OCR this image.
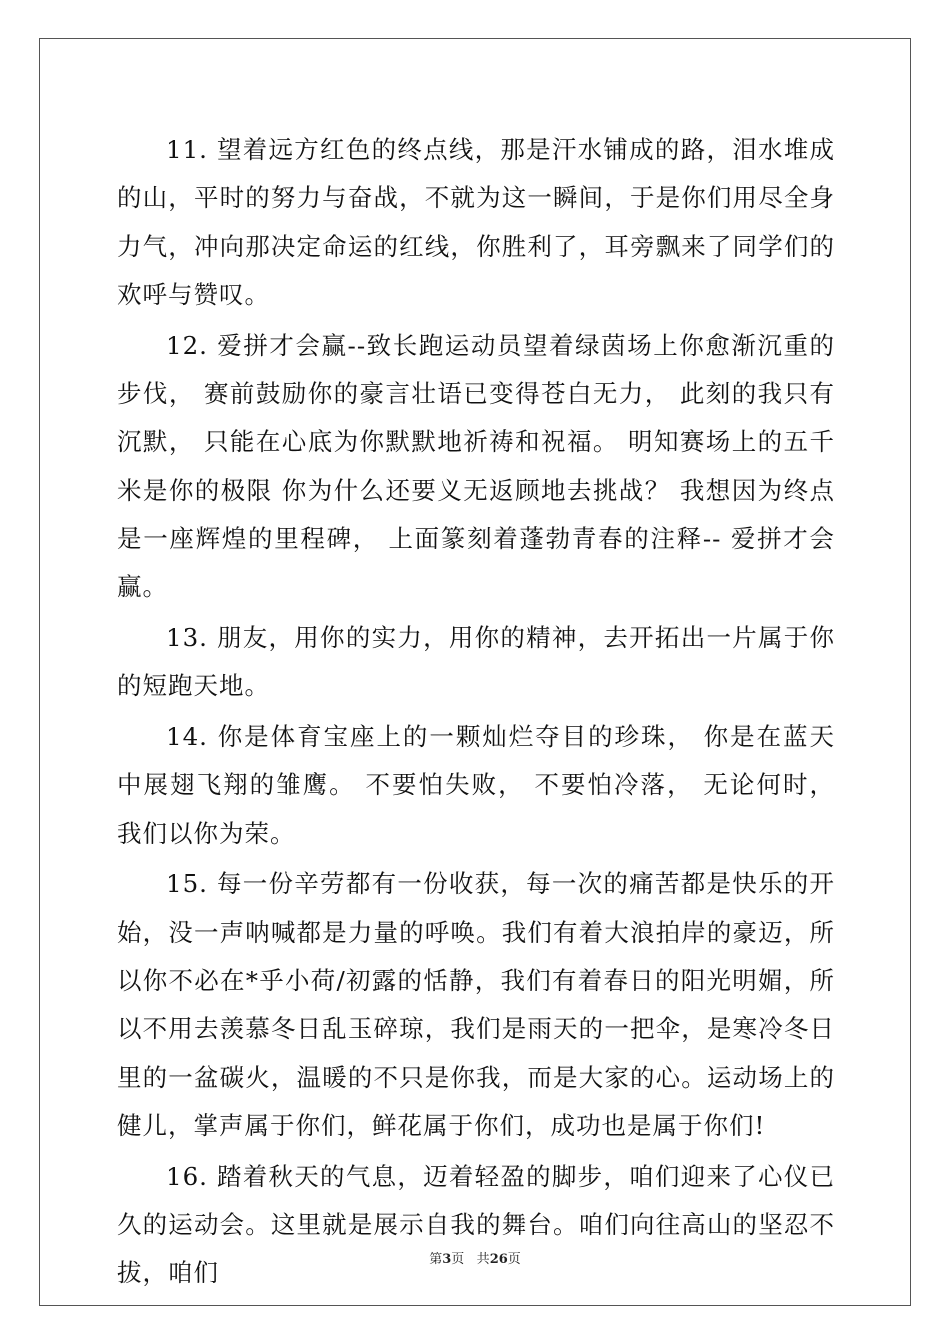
11. 望着远方红色的终点线，那是汗水铺成的路，泪水堆成的山，平时的努力与奋战，不就为这一瞬间，于是你们用尽全身力气，冲向那决定命运的红线，你胜利了，耳旁飘来了同学们的欢呼与赞叹。

12. 爱拼才会赢--致长跑运动员望着绿茵场上你愈渐沉重的步伐， 赛前鼓励你的豪言壮语已变得苍白无力， 此刻的我只有沉默， 只能在心底为你默默地祈祷和祝福。 明知赛场上的五千米是你的极限 你为什么还要义无返顾地去挑战？ 我想因为终点是一座辉煌的里程碑， 上面篆刻着蓬勃青春的注释-- 爱拼才会赢。

13. 朋友，用你的实力，用你的精神，去开拓出一片属于你的短跑天地。

14. 你是体育宝座上的一颗灿烂夺目的珍珠， 你是在蓝天中展翅飞翔的雏鹰。 不要怕失败， 不要怕冷落， 无论何时， 我们以你为荣。

15. 每一份辛劳都有一份收获，每一次的痛苦都是快乐的开始，没一声呐喊都是力量的呼唤。我们有着大浪拍岸的豪迈，所以你不必在*乎小荷/初露的恬静，我们有着春日的阳光明媚，所以不用去羡慕冬日乱玉碎琼，我们是雨天的一把伞，是寒冷冬日里的一盆碳火，温暖的不只是你我，而是大家的心。运动场上的健儿，掌声属于你们，鲜花属于你们，成功也是属于你们!

16. 踏着秋天的气息，迈着轻盈的脚步，咱们迎来了心仪已久的运动会。这里就是展示自我的舞台。咱们向往高山的坚忍不拔，咱们	第3页 共26页
